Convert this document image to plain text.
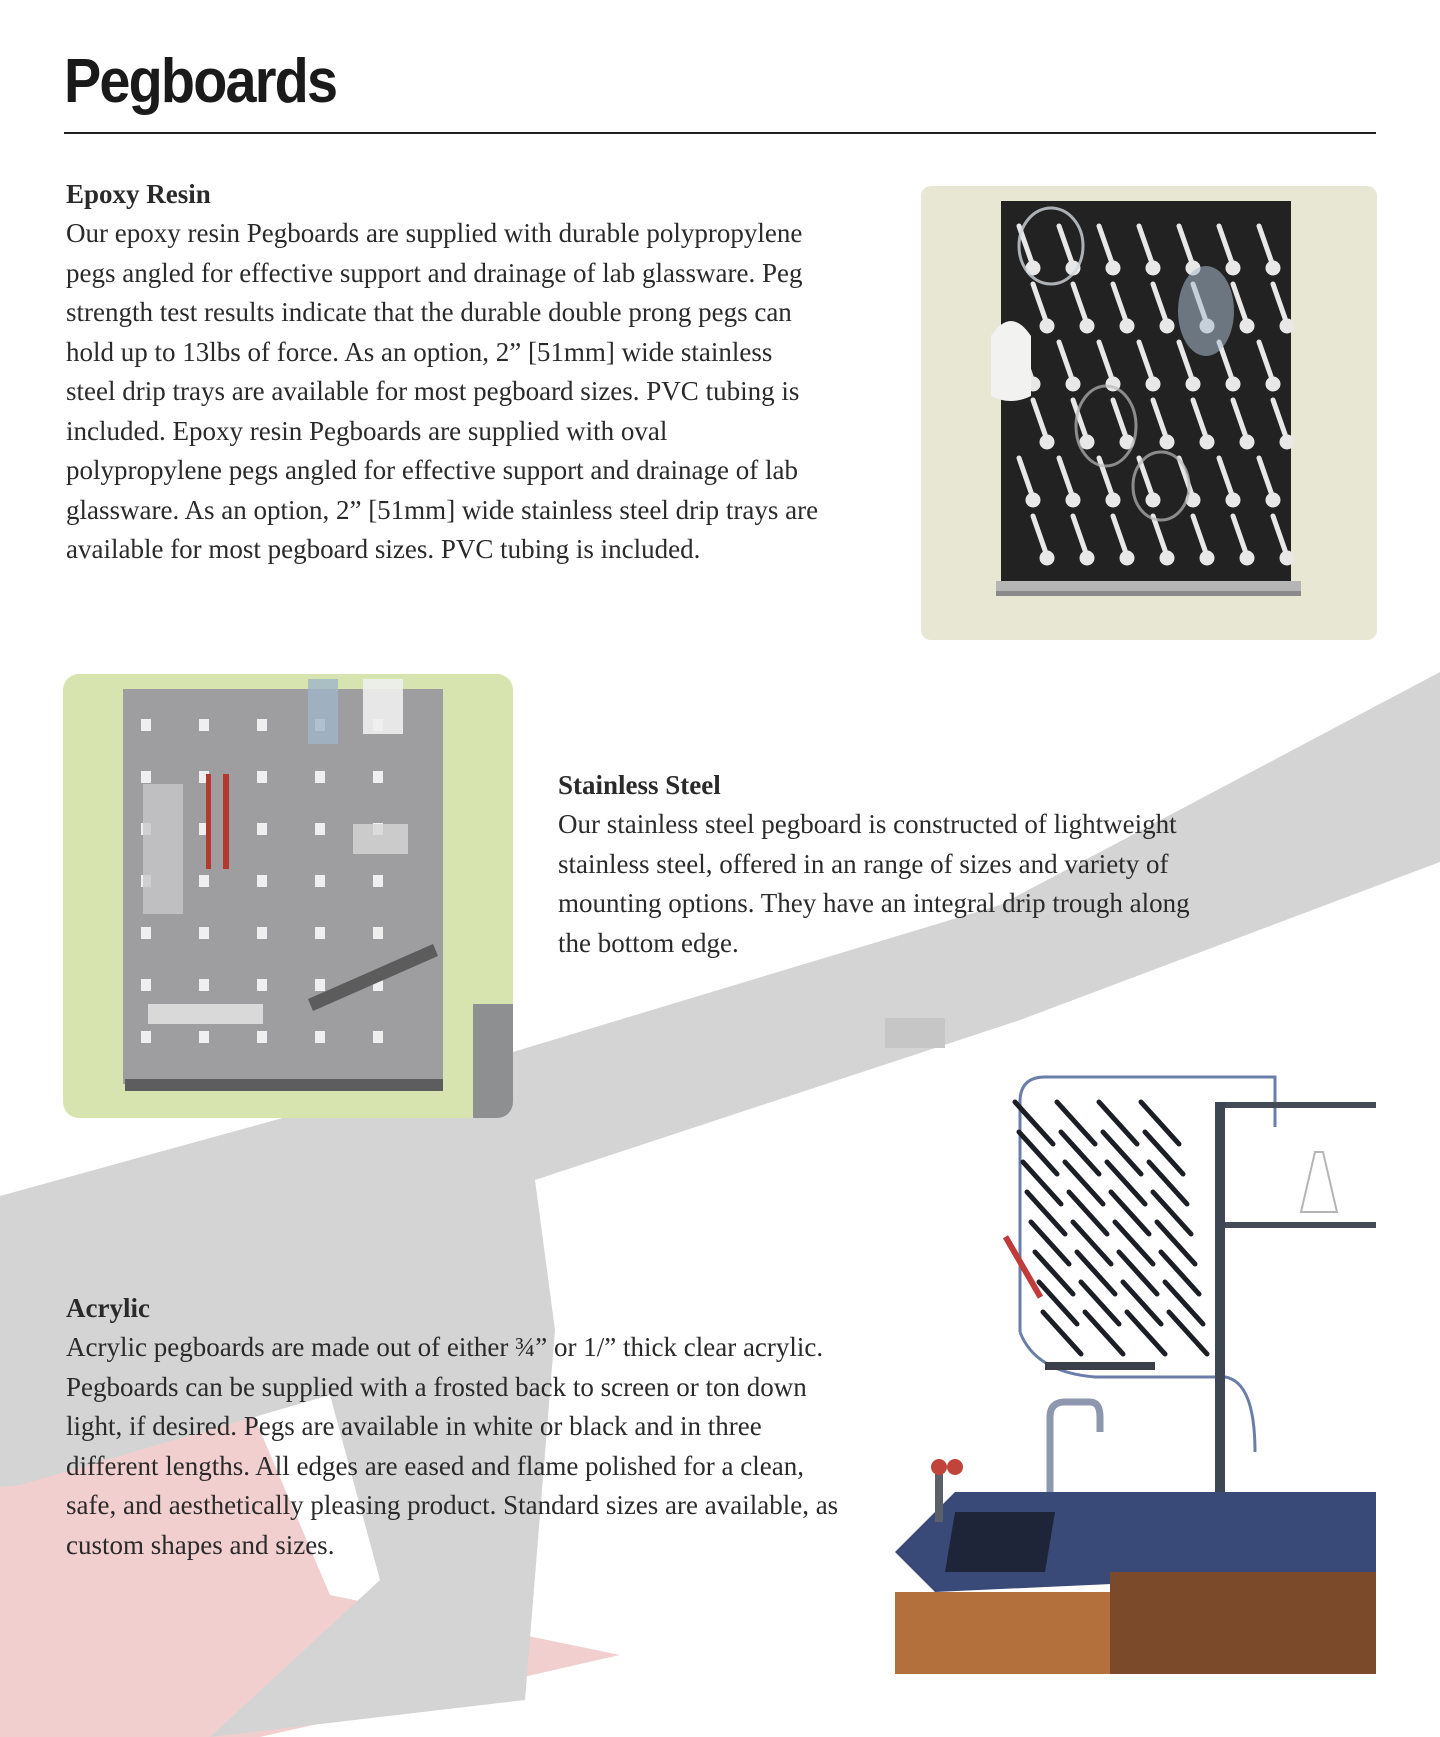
Pegboards
Epoxy Resin

Our epoxy resin Pegboards are supplied with durable polypropylene
pegs angled for effective support and drainage of lab glassware. Peg
strength test results indicate that the durable double prong pegs can
hold up to 13lbs of force. As an option, 2” [51mm] wide stainless
steel drip trays are available for most pegboard sizes. PVC tubing is
included. Epoxy resin Pegboards are supplied with oval
polypropylene pegs angled for effective support and drainage of lab
glassware. As an option, 2” [51mm] wide stainless steel drip trays are
available for most pegboard sizes. PVC tubing is included.

Stainless Steel

Our stainless steel pegboard is constructed of lightweight
stainless steel, offered in an range of sizes and variety of
mounting options. They have an integral drip trough along
the bottom edge.

Acrylic

Acrylic pegboards are made out of either ¾” or 1/” thick clear acrylic.
Pegboards can be supplied with a frosted back to screen or ton down
light, if desired. Pegs are available in white or black and in three
different lengths. All edges are eased and flame polished for a clean,
safe, and aesthetically pleasing product. Standard sizes are available, as
custom shapes and sizes.
